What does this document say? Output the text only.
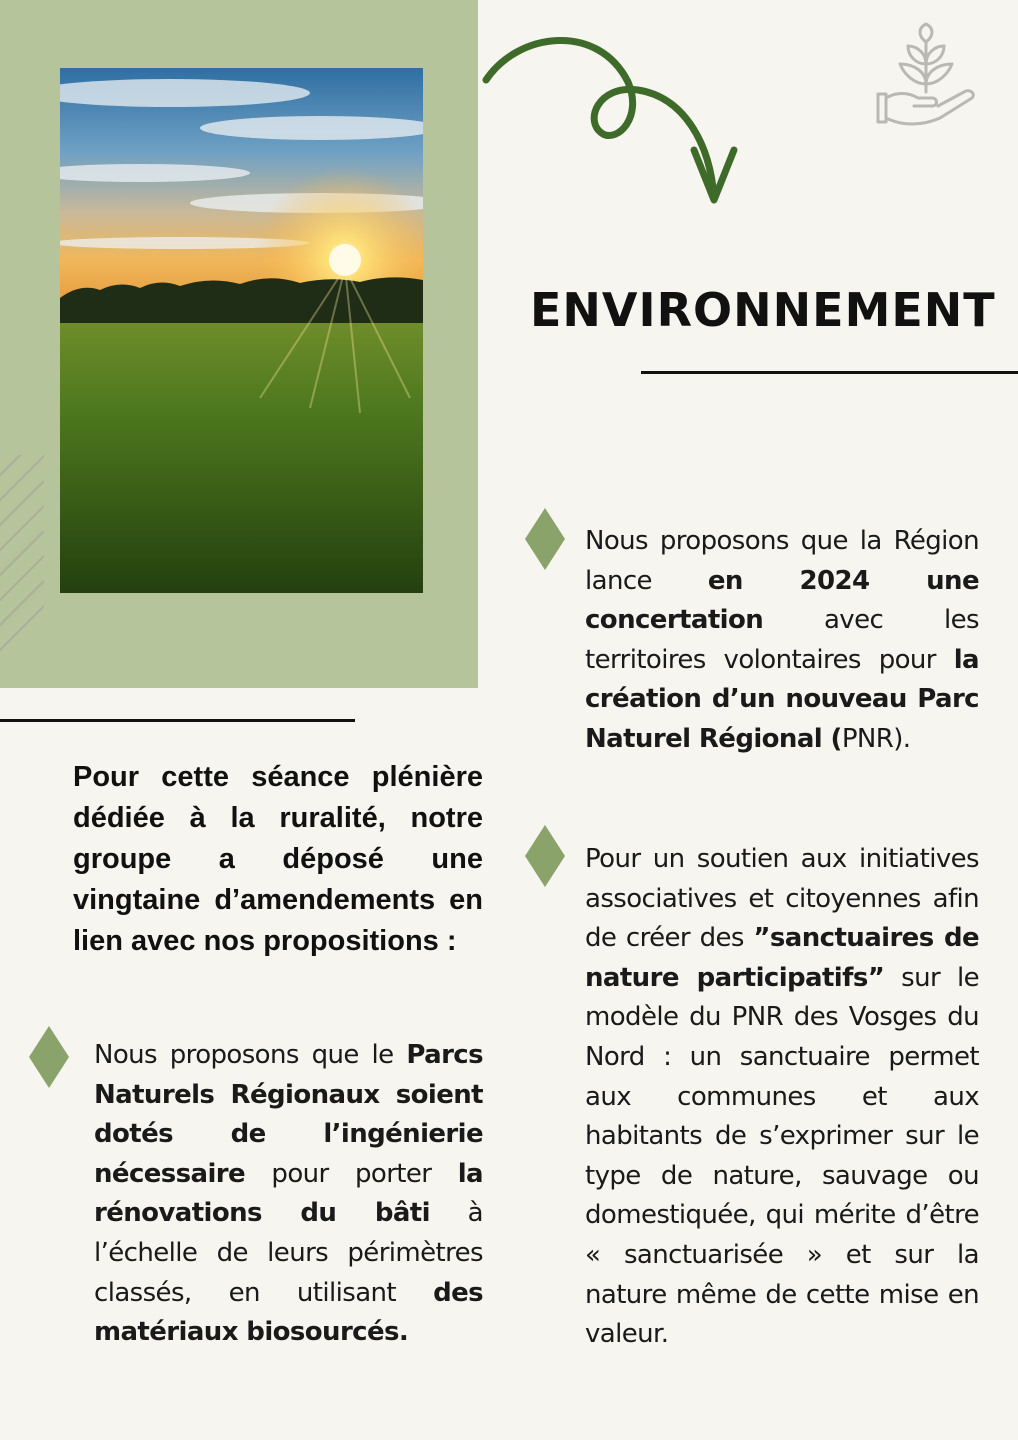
ENVIRONNEMENT
Pour cette séance plénière dédiée à la ruralité, notre groupe a déposé une vingtaine d’amendements en lien avec nos propositions :
Nous proposons que la Région lance en 2024 une concertation avec les territoires volontaires pour la création d’un nouveau Parc Naturel Régional (PNR).
Pour un soutien aux initiatives associatives et citoyennes afin de créer des ”sanctuaires de nature participatifs” sur le modèle du PNR des Vosges du Nord : un sanctuaire permet aux communes et aux habitants de s’exprimer sur le type de nature, sauvage ou domestiquée, qui mérite d’être « sanctuarisée » et sur la nature même de cette mise en valeur.
Nous proposons que le Parcs Naturels Régionaux soient dotés de l’ingénierie nécessaire pour porter la rénovations du bâti à l’échelle de leurs périmètres classés, en utilisant des matériaux biosourcés.
